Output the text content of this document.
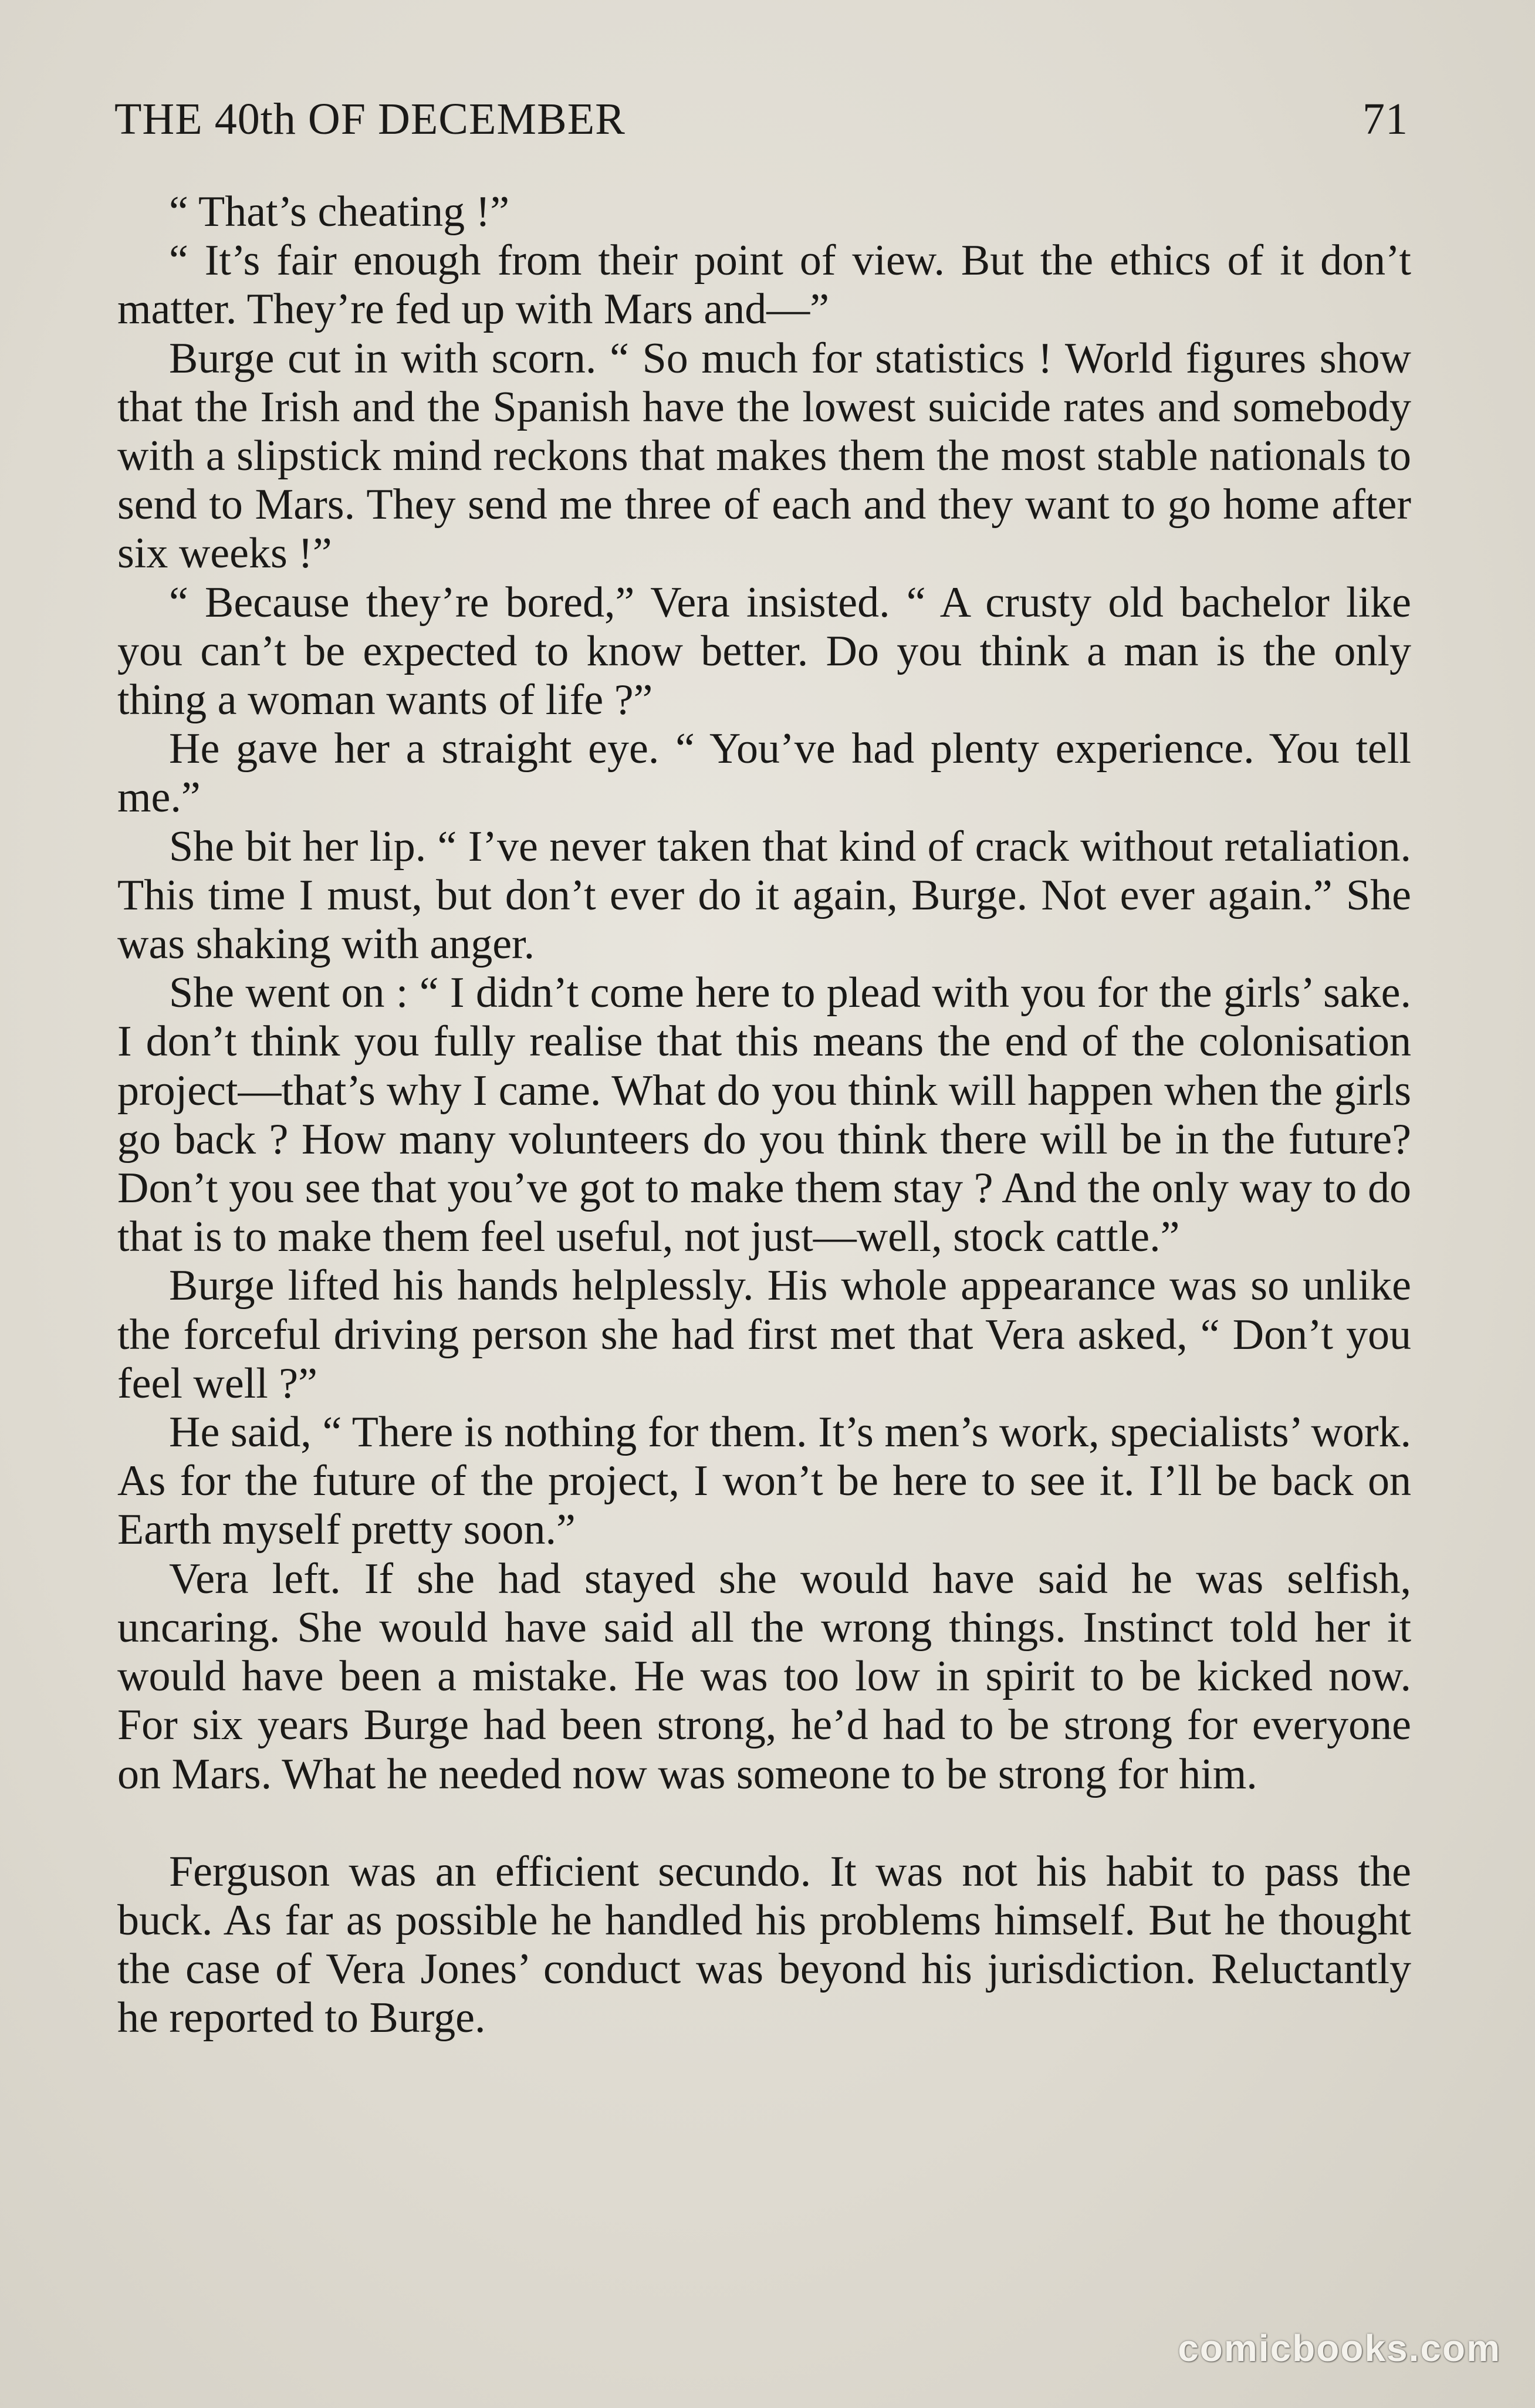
THE 40th OF DECEMBER	71

“ That’s cheating !”

“ It’s fair enough from their point of view. But the ethics of it don’t matter. They’re fed up with Mars and—”

Burge cut in with scorn. “ So much for statistics ! World figures show that the Irish and the Spanish have the lowest suicide rates and somebody with a slipstick mind reckons that makes them the most stable nationals to send to Mars. They send me three of each and they want to go home after six weeks !”

“ Because they’re bored,” Vera insisted. “ A crusty old bachelor like you can’t be expected to know better. Do you think a man is the only thing a woman wants of life ?”

He gave her a straight eye. “ You’ve had plenty experience. You tell me.”

She bit her lip. “ I’ve never taken that kind of crack without retaliation. This time I must, but don’t ever do it again, Burge. Not ever again.” She was shaking with anger.

She went on : “ I didn’t come here to plead with you for the girls’ sake. I don’t think you fully realise that this means the end of the colonisation project—that’s why I came. What do you think will happen when the girls go back ? How many volunteers do you think there will be in the future? Don’t you see that you’ve got to make them stay ? And the only way to do that is to make them feel useful, not just—well, stock cattle.”

Burge lifted his hands helplessly. His whole appearance was so unlike the forceful driving person she had first met that Vera asked, “ Don’t you feel well ?”

He said, “ There is nothing for them. It’s men’s work, specialists’ work. As for the future of the project, I won’t be here to see it. I’ll be back on Earth myself pretty soon.”

Vera left. If she had stayed she would have said he was selfish, uncaring. She would have said all the wrong things. Instinct told her it would have been a mistake. He was too low in spirit to be kicked now. For six years Burge had been strong, he’d had to be strong for everyone on Mars. What he needed now was someone to be strong for him.

Ferguson was an efficient secundo. It was not his habit to pass the buck. As far as possible he handled his problems himself. But he thought the case of Vera Jones’ conduct was beyond his jurisdiction. Reluctantly he reported to Burge.

comicbooks.com
